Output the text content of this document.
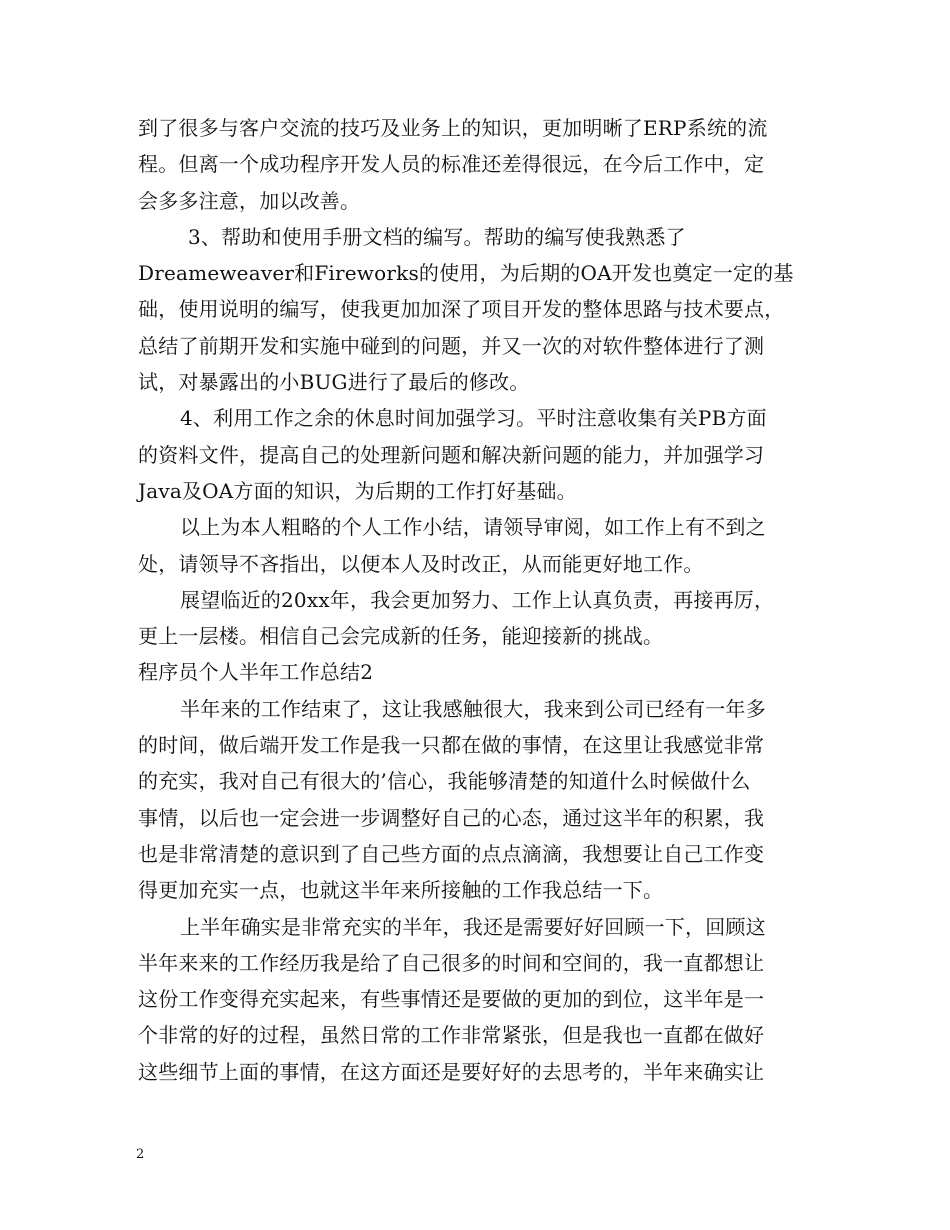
到了很多与客户交流的技巧及业务上的知识，更加明晰了ERP系统的流
程。但离一个成功程序开发人员的标准还差得很远，在今后工作中，定
会多多注意，加以改善。
3、帮助和使用手册文档的编写。帮助的编写使我熟悉了
Dreameweaver和Fireworks的使用，为后期的OA开发也奠定一定的基
础，使用说明的编写，使我更加加深了项目开发的整体思路与技术要点，
总结了前期开发和实施中碰到的问题，并又一次的对软件整体进行了测
试，对暴露出的小BUG进行了最后的修改。
4、利用工作之余的休息时间加强学习。平时注意收集有关PB方面
的资料文件，提高自己的处理新问题和解决新问题的能力，并加强学习
Java及OA方面的知识，为后期的工作打好基础。
以上为本人粗略的个人工作小结，请领导审阅，如工作上有不到之
处，请领导不吝指出，以便本人及时改正，从而能更好地工作。
展望临近的20xx年，我会更加努力、工作上认真负责，再接再厉，
更上一层楼。相信自己会完成新的任务，能迎接新的挑战。
程序员个人半年工作总结2
半年来的工作结束了，这让我感触很大，我来到公司已经有一年多
的时间，做后端开发工作是我一只都在做的事情，在这里让我感觉非常
的充实，我对自己有很大的’信心，我能够清楚的知道什么时候做什么
事情，以后也一定会进一步调整好自己的心态，通过这半年的积累，我
也是非常清楚的意识到了自己些方面的点点滴滴，我想要让自己工作变
得更加充实一点，也就这半年来所接触的工作我总结一下。
上半年确实是非常充实的半年，我还是需要好好回顾一下，回顾这
半年来来的工作经历我是给了自己很多的时间和空间的，我一直都想让
这份工作变得充实起来，有些事情还是要做的更加的到位，这半年是一
个非常的好的过程，虽然日常的工作非常紧张，但是我也一直都在做好
这些细节上面的事情，在这方面还是要好好的去思考的，半年来确实让
2
